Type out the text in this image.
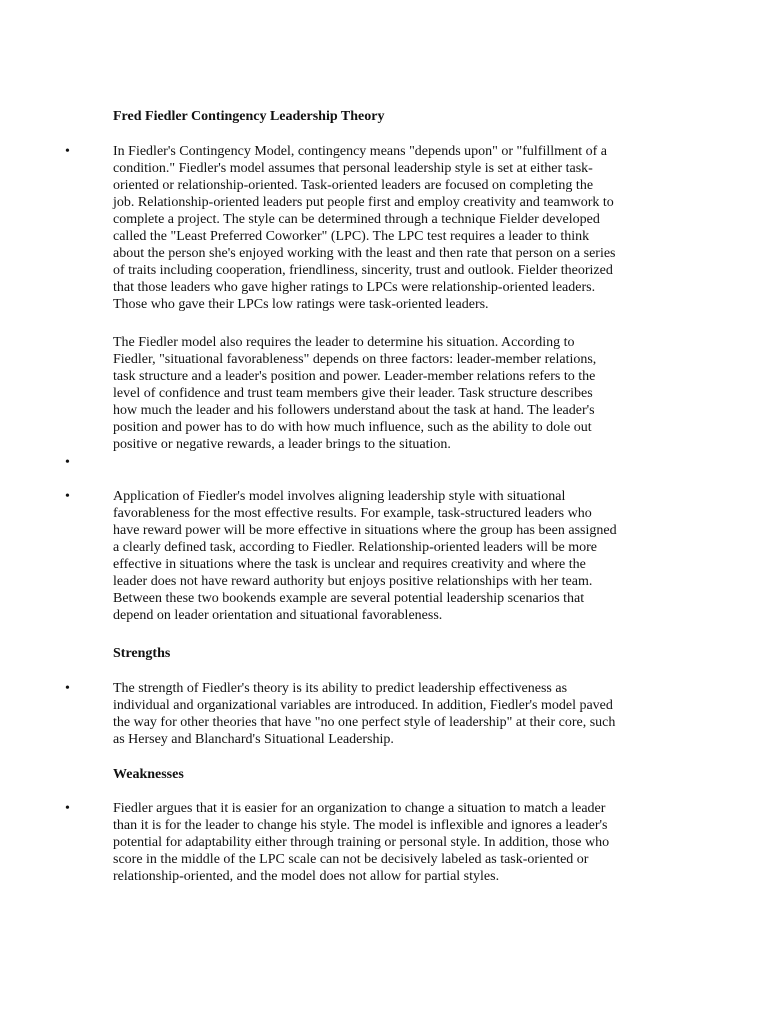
Fred Fiedler Contingency Leadership Theory
•	In Fiedler's Contingency Model, contingency means "depends upon" or "fulfillment of a
condition." Fiedler's model assumes that personal leadership style is set at either task-
oriented or relationship-oriented. Task-oriented leaders are focused on completing the
job. Relationship-oriented leaders put people first and employ creativity and teamwork to
complete a project. The style can be determined through a technique Fielder developed
called the "Least Preferred Coworker" (LPC). The LPC test requires a leader to think
about the person she's enjoyed working with the least and then rate that person on a series
of traits including cooperation, friendliness, sincerity, trust and outlook. Fielder theorized
that those leaders who gave higher ratings to LPCs were relationship-oriented leaders.
Those who gave their LPCs low ratings were task-oriented leaders.
The Fiedler model also requires the leader to determine his situation. According to
Fiedler, "situational favorableness" depends on three factors: leader-member relations,
task structure and a leader's position and power. Leader-member relations refers to the
level of confidence and trust team members give their leader. Task structure describes
how much the leader and his followers understand about the task at hand. The leader's
position and power has to do with how much influence, such as the ability to dole out
positive or negative rewards, a leader brings to the situation.
•
•	Application of Fiedler's model involves aligning leadership style with situational
favorableness for the most effective results. For example, task-structured leaders who
have reward power will be more effective in situations where the group has been assigned
a clearly defined task, according to Fiedler. Relationship-oriented leaders will be more
effective in situations where the task is unclear and requires creativity and where the
leader does not have reward authority but enjoys positive relationships with her team.
Between these two bookends example are several potential leadership scenarios that
depend on leader orientation and situational favorableness.
Strengths
•	The strength of Fiedler's theory is its ability to predict leadership effectiveness as
individual and organizational variables are introduced. In addition, Fiedler's model paved
the way for other theories that have "no one perfect style of leadership" at their core, such
as Hersey and Blanchard's Situational Leadership.
Weaknesses
•	Fiedler argues that it is easier for an organization to change a situation to match a leader
than it is for the leader to change his style. The model is inflexible and ignores a leader's
potential for adaptability either through training or personal style. In addition, those who
score in the middle of the LPC scale can not be decisively labeled as task-oriented or
relationship-oriented, and the model does not allow for partial styles.
